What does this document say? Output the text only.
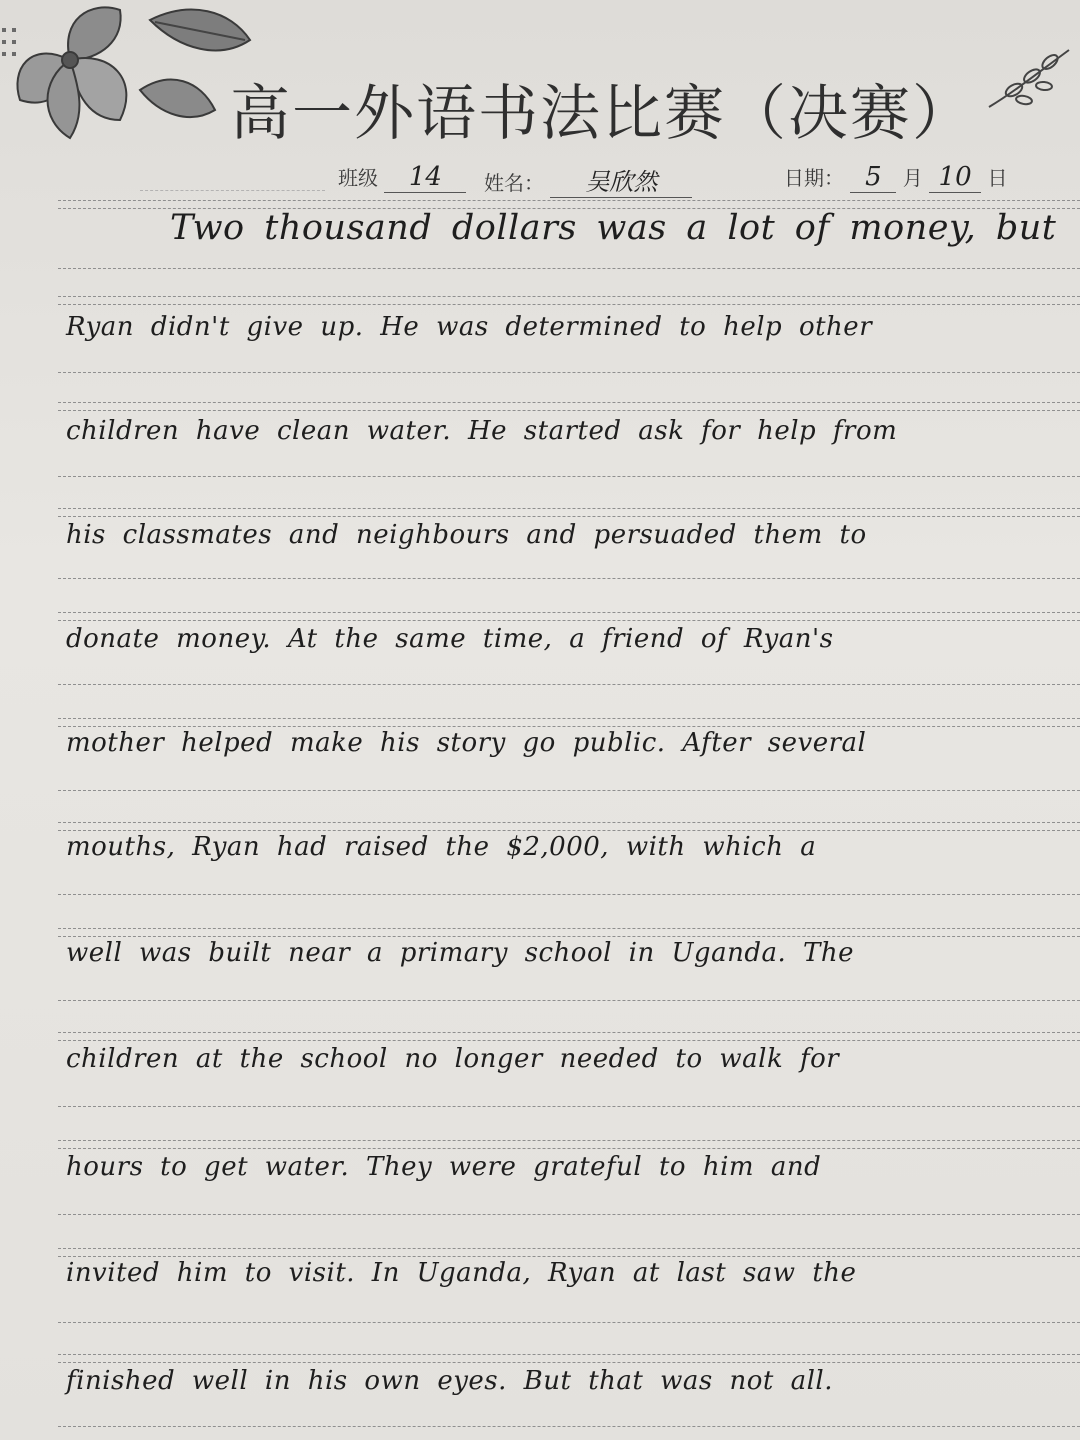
高一外语书法比赛（决赛）
班级 14	姓名： 吴欣然	日期： 5 月 10 日
Two thousand dollars was a lot of money, but
Ryan didn't give up. He was determined to help other
children have clean water. He started ask for help from
his classmates and neighbours and persuaded them to
donate money. At the same time, a friend of Ryan's
mother helped make his story go public. After several
mouths, Ryan had raised the $2,000, with which a
well was built near a primary school in Uganda. The
children at the school no longer needed to walk for
hours to get water. They were grateful to him and
invited him to visit. In Uganda, Ryan at last saw the
finished well in his own eyes. But that was not all.
